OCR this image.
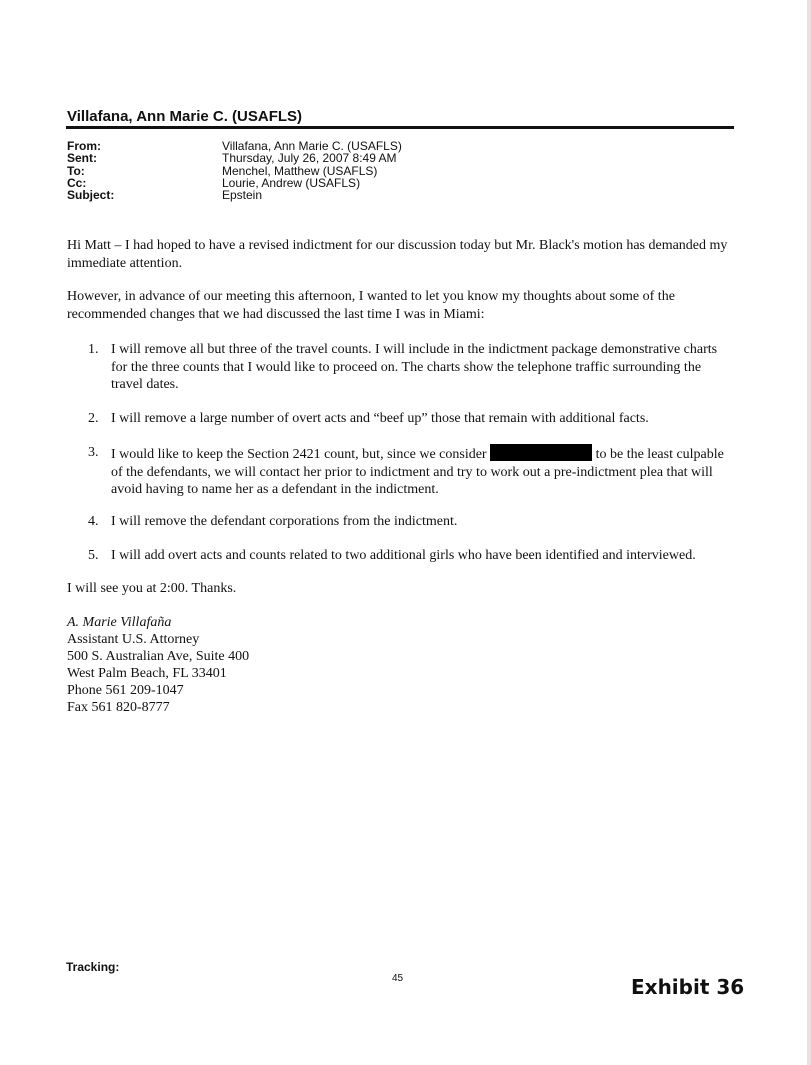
Villafana, Ann Marie C. (USAFLS)
From:	Villafana, Ann Marie C. (USAFLS)
Sent:	Thursday, July 26, 2007 8:49 AM
To:	Menchel, Matthew (USAFLS)
Cc:	Lourie, Andrew (USAFLS)
Subject:	Epstein
Hi Matt – I had hoped to have a revised indictment for our discussion today but Mr. Black's motion has demanded my immediate attention.
However, in advance of our meeting this afternoon, I wanted to let you know my thoughts about some of the recommended changes that we had discussed the last time I was in Miami:
1. I will remove all but three of the travel counts. I will include in the indictment package demonstrative charts for the three counts that I would like to proceed on. The charts show the telephone traffic surrounding the travel dates.
2. I will remove a large number of overt acts and “beef up” those that remain with additional facts.
3. I would like to keep the Section 2421 count, but, since we consider	to be the least culpable of the defendants, we will contact her prior to indictment and try to work out a pre-indictment plea that will avoid having to name her as a defendant in the indictment.
4. I will remove the defendant corporations from the indictment.
5. I will add overt acts and counts related to two additional girls who have been identified and interviewed.
I will see you at 2:00. Thanks.
A. Marie Villafaña
Assistant U.S. Attorney
500 S. Australian Ave, Suite 400
West Palm Beach, FL 33401
Phone 561 209-1047
Fax 561 820-8777
Tracking:
45	Exhibit 36
